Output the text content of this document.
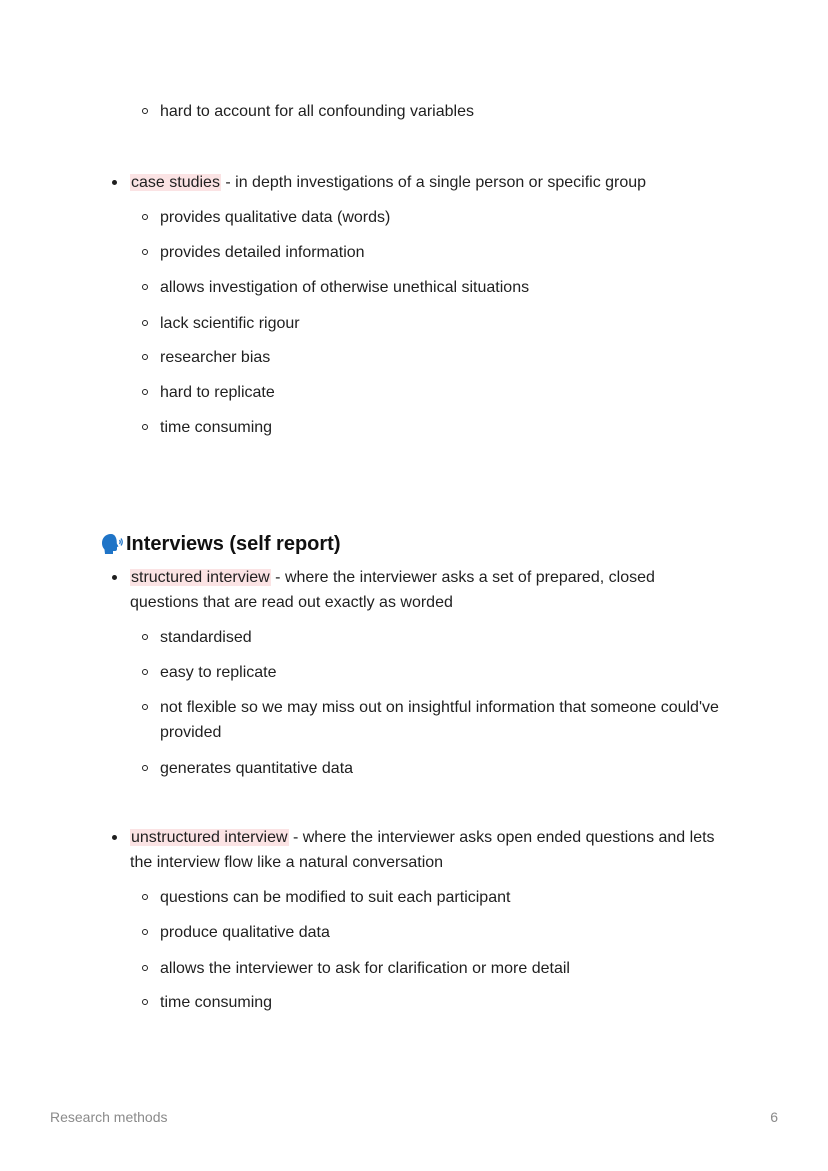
hard to account for all confounding variables
case studies - in depth investigations of a single person or specific group
provides qualitative data (words)
provides detailed information
allows investigation of otherwise unethical situations
lack scientific rigour
researcher bias
hard to replicate
time consuming
Interviews (self report)
structured interview - where the interviewer asks a set of prepared, closed questions that are read out exactly as worded
standardised
easy to replicate
not flexible so we may miss out on insightful information that someone could've provided
generates quantitative data
unstructured interview - where the interviewer asks open ended questions and lets the interview flow like a natural conversation
questions can be modified to suit each participant
produce qualitative data
allows the interviewer to ask for clarification or more detail
time consuming
Research methods	6
